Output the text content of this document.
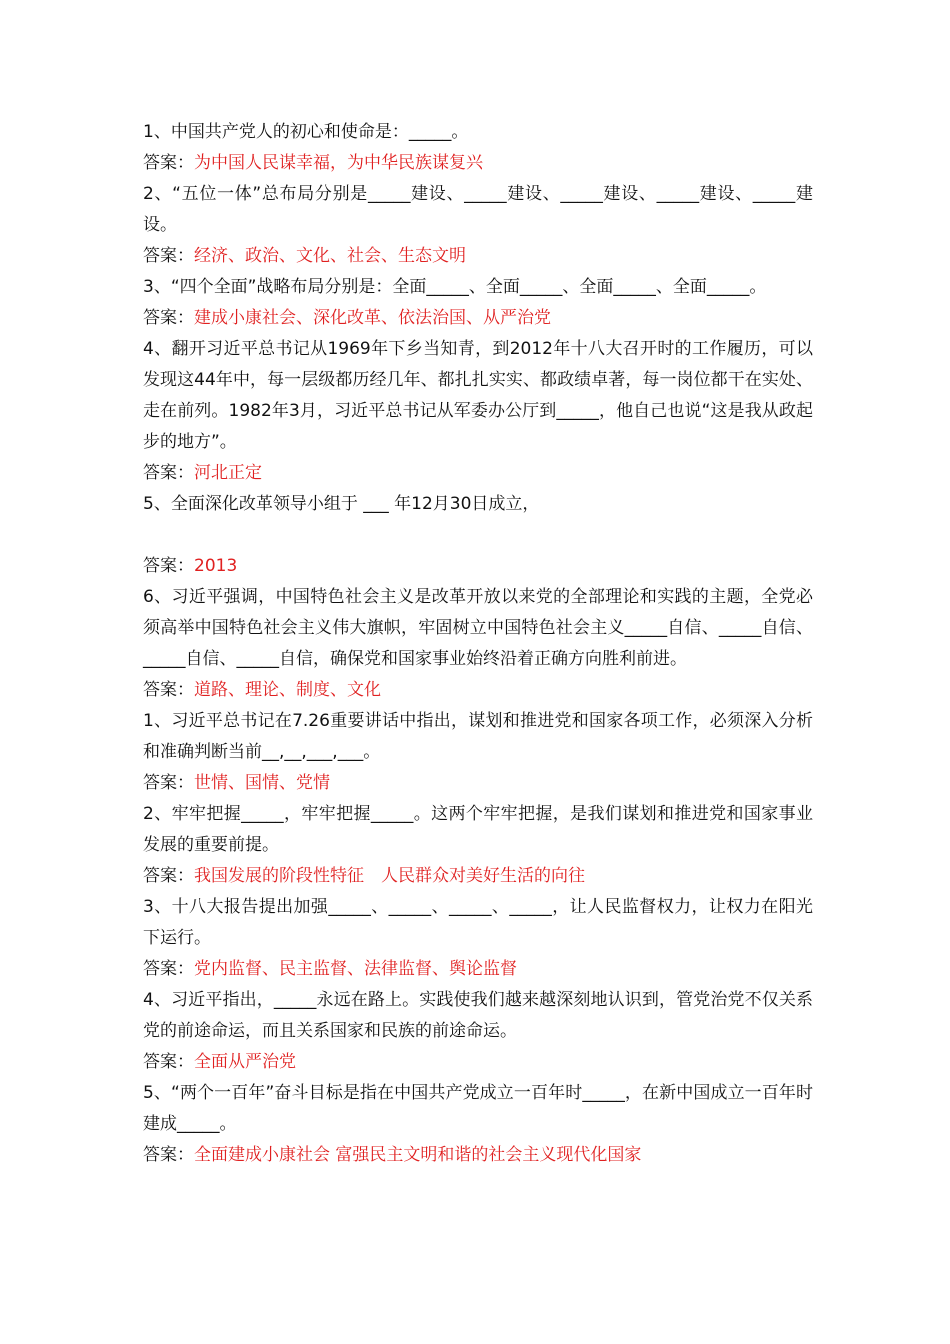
1、中国共产党人的初心和使命是：_____。

答案：为中国人民谋幸福，为中华民族谋复兴

2、“五位一体”总布局分别是_____建设、_____建设、_____建设、_____建设、_____建设。

答案：经济、政治、文化、社会、生态文明

3、“四个全面”战略布局分别是：全面_____、全面_____、全面_____、全面_____。

答案：建成小康社会、深化改革、依法治国、从严治党

4、翻开习近平总书记从1969年下乡当知青，到2012年十八大召开时的工作履历，可以发现这44年中，每一层级都历经几年、都扎扎实实、都政绩卓著，每一岗位都干在实处、走在前列。1982年3月，习近平总书记从军委办公厅到_____，他自己也说“这是我从政起步的地方”。

答案：河北正定

5、全面深化改革领导小组于 ___ 年12月30日成立，

答案：2013

6、习近平强调，中国特色社会主义是改革开放以来党的全部理论和实践的主题，全党必须高举中国特色社会主义伟大旗帜，牢固树立中国特色社会主义_____自信、_____自信、_____自信、_____自信，确保党和国家事业始终沿着正确方向胜利前进。

答案：道路、理论、制度、文化

1、习近平总书记在7.26重要讲话中指出，谋划和推进党和国家各项工作，必须深入分析和准确判断当前__,__,___,___。

答案：世情、国情、党情

2、牢牢把握_____，牢牢把握_____。这两个牢牢把握，是我们谋划和推进党和国家事业发展的重要前提。

答案：我国发展的阶段性特征　人民群众对美好生活的向往

3、十八大报告提出加强_____、_____、_____、_____，让人民监督权力，让权力在阳光下运行。

答案：党内监督、民主监督、法律监督、舆论监督

4、习近平指出，_____永远在路上。实践使我们越来越深刻地认识到，管党治党不仅关系党的前途命运，而且关系国家和民族的前途命运。

答案：全面从严治党

5、“两个一百年”奋斗目标是指在中国共产党成立一百年时_____，在新中国成立一百年时建成_____。

答案：全面建成小康社会 富强民主文明和谐的社会主义现代化国家
